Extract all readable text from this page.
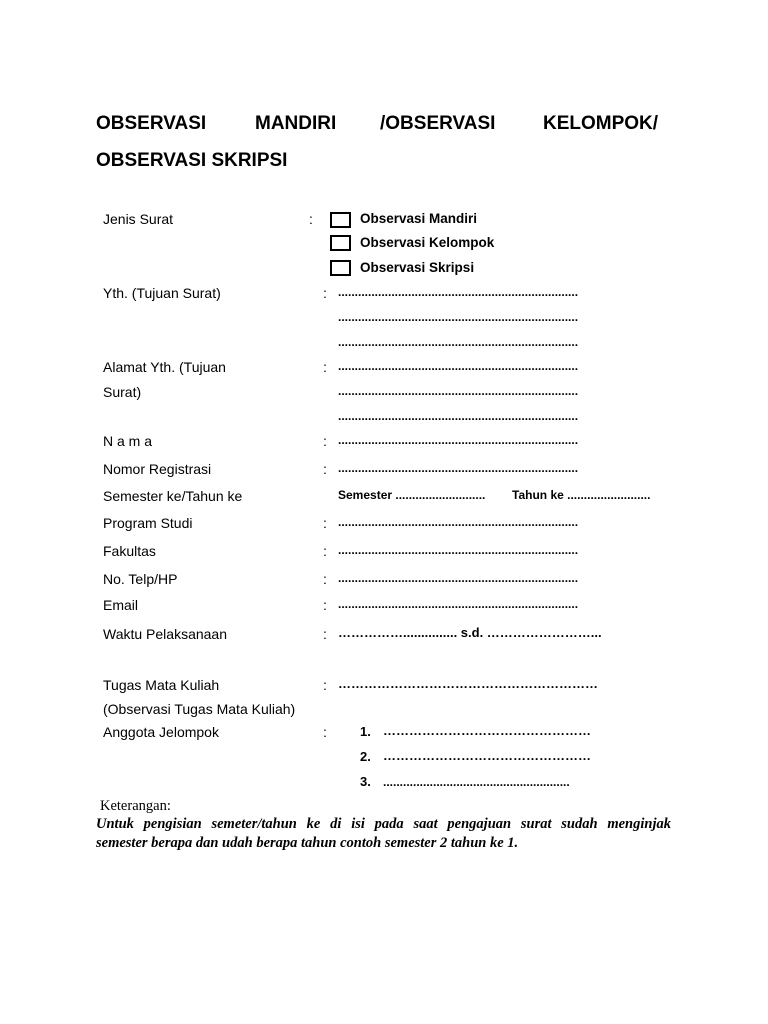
OBSERVASI	MANDIRI /OBSERVASI	KELOMPOK/
OBSERVASI SKRIPSI
Jenis Surat	:	Observasi Mandiri
Observasi Kelompok
Observasi Skripsi
Yth. (Tujuan Surat)	: ........................................................................
........................................................................
........................................................................
Alamat Yth. (Tujuan
Surat)
: ........................................................................
........................................................................
........................................................................
N a m a	: ........................................................................
Nomor Registrasi	: ........................................................................
Semester ke/Tahun ke	Semester ........................... Tahun ke .........................
Program Studi	: ........................................................................
Fakultas	: ........................................................................
No. Telp/HP	: ........................................................................
Email	: ........................................................................
Waktu Pelaksanaan	: ……………............... s.d. ……………………...
Tugas Mata Kuliah	: ……………………………………………………
(Observasi Tugas Mata Kuliah)
Anggota Jelompok	:	1. …………………………………………
2. …………………………………………
3. ........................................................
Keterangan:
Untuk pengisian semeter/tahun ke di isi pada saat pengajuan surat sudah menginjak
semester berapa dan udah berapa tahun contoh semester 2 tahun ke 1.
